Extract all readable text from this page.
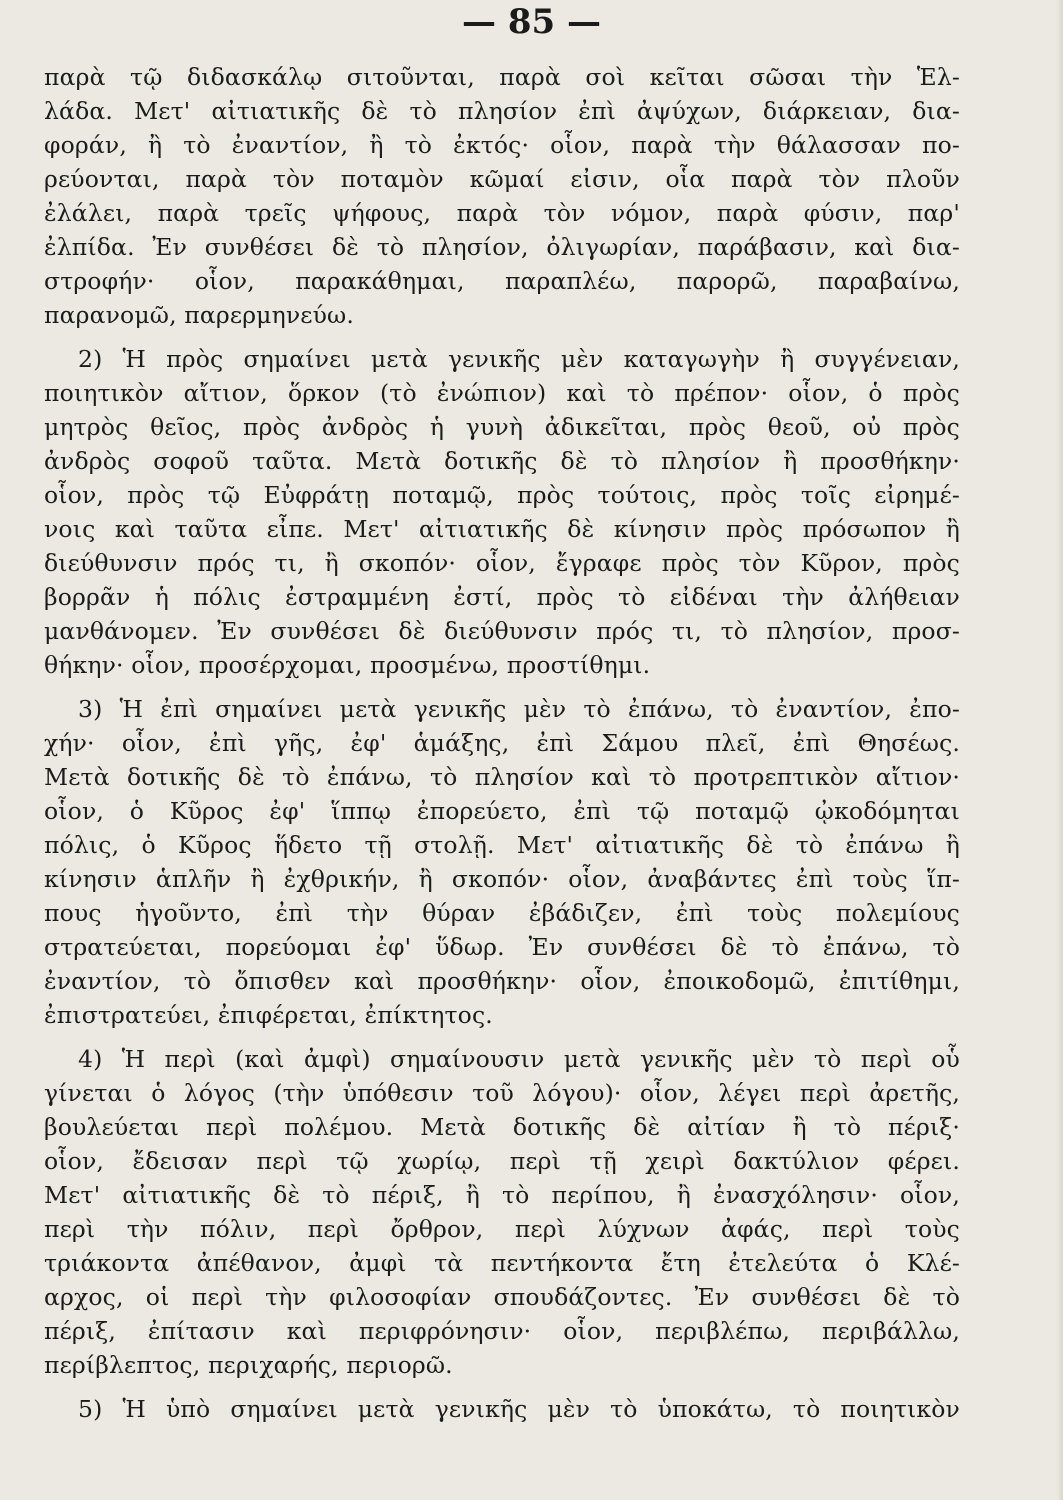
— 85 —
παρὰ τῷ διδασκάλῳ σιτοῦνται, παρὰ σοὶ κεῖται σῶσαι τὴν Ἑλ-
λάδα. Μετ' αἰτιατικῆς δὲ τὸ πλησίον ἐπὶ ἀψύχων, διάρκειαν, δια-
φοράν, ἢ τὸ ἐναντίον, ἢ τὸ ἐκτός· οἷον, παρὰ τὴν θάλασσαν πο-
ρεύονται, παρὰ τὸν ποταμὸν κῶμαί εἰσιν, οἷα παρὰ τὸν πλοῦν
ἐλάλει, παρὰ τρεῖς ψήφους, παρὰ τὸν νόμον, παρὰ φύσιν, παρ'
ἐλπίδα. Ἐν συνθέσει δὲ τὸ πλησίον, ὀλιγωρίαν, παράβασιν, καὶ δια-
στροφήν· οἷον, παρακάθημαι, παραπλέω, παρορῶ, παραβαίνω,
παρανομῶ, παρερμηνεύω.
2) Ἡ πρὸς σημαίνει μετὰ γενικῆς μὲν καταγωγὴν ἢ συγγένειαν,
ποιητικὸν αἴτιον, ὅρκον (τὸ ἐνώπιον) καὶ τὸ πρέπον· οἷον, ὁ πρὸς
μητρὸς θεῖος, πρὸς ἀνδρὸς ἡ γυνὴ ἀδικεῖται, πρὸς θεοῦ, οὐ πρὸς
ἀνδρὸς σοφοῦ ταῦτα. Μετὰ δοτικῆς δὲ τὸ πλησίον ἢ προσθήκην·
οἷον, πρὸς τῷ Εὐφράτῃ ποταμῷ, πρὸς τούτοις, πρὸς τοῖς εἰρημέ-
νοις καὶ ταῦτα εἶπε. Μετ' αἰτιατικῆς δὲ κίνησιν πρὸς πρόσωπον ἢ
διεύθυνσιν πρός τι, ἢ σκοπόν· οἷον, ἔγραφε πρὸς τὸν Κῦρον, πρὸς
βορρᾶν ἡ πόλις ἐστραμμένη ἐστί, πρὸς τὸ εἰδέναι τὴν ἀλήθειαν
μανθάνομεν. Ἐν συνθέσει δὲ διεύθυνσιν πρός τι, τὸ πλησίον, προσ-
θήκην· οἷον, προσέρχομαι, προσμένω, προστίθημι.
3) Ἡ ἐπὶ σημαίνει μετὰ γενικῆς μὲν τὸ ἐπάνω, τὸ ἐναντίον, ἐπο-
χήν· οἷον, ἐπὶ γῆς, ἐφ' ἁμάξης, ἐπὶ Σάμου πλεῖ, ἐπὶ Θησέως.
Μετὰ δοτικῆς δὲ τὸ ἐπάνω, τὸ πλησίον καὶ τὸ προτρεπτικὸν αἴτιον·
οἷον, ὁ Κῦρος ἐφ' ἵππῳ ἐπορεύετο, ἐπὶ τῷ ποταμῷ ᾠκοδόμηται
πόλις, ὁ Κῦρος ἥδετο τῇ στολῇ. Μετ' αἰτιατικῆς δὲ τὸ ἐπάνω ἢ
κίνησιν ἁπλῆν ἢ ἐχθρικήν, ἢ σκοπόν· οἷον, ἀναβάντες ἐπὶ τοὺς ἵπ-
πους ἡγοῦντο, ἐπὶ τὴν θύραν ἐβάδιζεν, ἐπὶ τοὺς πολεμίους
στρατεύεται, πορεύομαι ἐφ' ὕδωρ. Ἐν συνθέσει δὲ τὸ ἐπάνω, τὸ
ἐναντίον, τὸ ὄπισθεν καὶ προσθήκην· οἷον, ἐποικοδομῶ, ἐπιτίθημι,
ἐπιστρατεύει, ἐπιφέρεται, ἐπίκτητος.
4) Ἡ περὶ (καὶ ἀμφὶ) σημαίνουσιν μετὰ γενικῆς μὲν τὸ περὶ οὗ
γίνεται ὁ λόγος (τὴν ὑπόθεσιν τοῦ λόγου)· οἷον, λέγει περὶ ἀρετῆς,
βουλεύεται περὶ πολέμου. Μετὰ δοτικῆς δὲ αἰτίαν ἢ τὸ πέριξ·
οἷον, ἔδεισαν περὶ τῷ χωρίῳ, περὶ τῇ χειρὶ δακτύλιον φέρει.
Μετ' αἰτιατικῆς δὲ τὸ πέριξ, ἢ τὸ περίπου, ἢ ἐνασχόλησιν· οἷον,
περὶ τὴν πόλιν, περὶ ὄρθρον, περὶ λύχνων ἀφάς, περὶ τοὺς
τριάκοντα ἀπέθανον, ἀμφὶ τὰ πεντήκοντα ἔτη ἐτελεύτα ὁ Κλέ-
αρχος, οἱ περὶ τὴν φιλοσοφίαν σπουδάζοντες. Ἐν συνθέσει δὲ τὸ
πέριξ, ἐπίτασιν καὶ περιφρόνησιν· οἷον, περιβλέπω, περιβάλλω,
περίβλεπτος, περιχαρής, περιορῶ.
5) Ἡ ὑπὸ σημαίνει μετὰ γενικῆς μὲν τὸ ὑποκάτω, τὸ ποιητικὸν
